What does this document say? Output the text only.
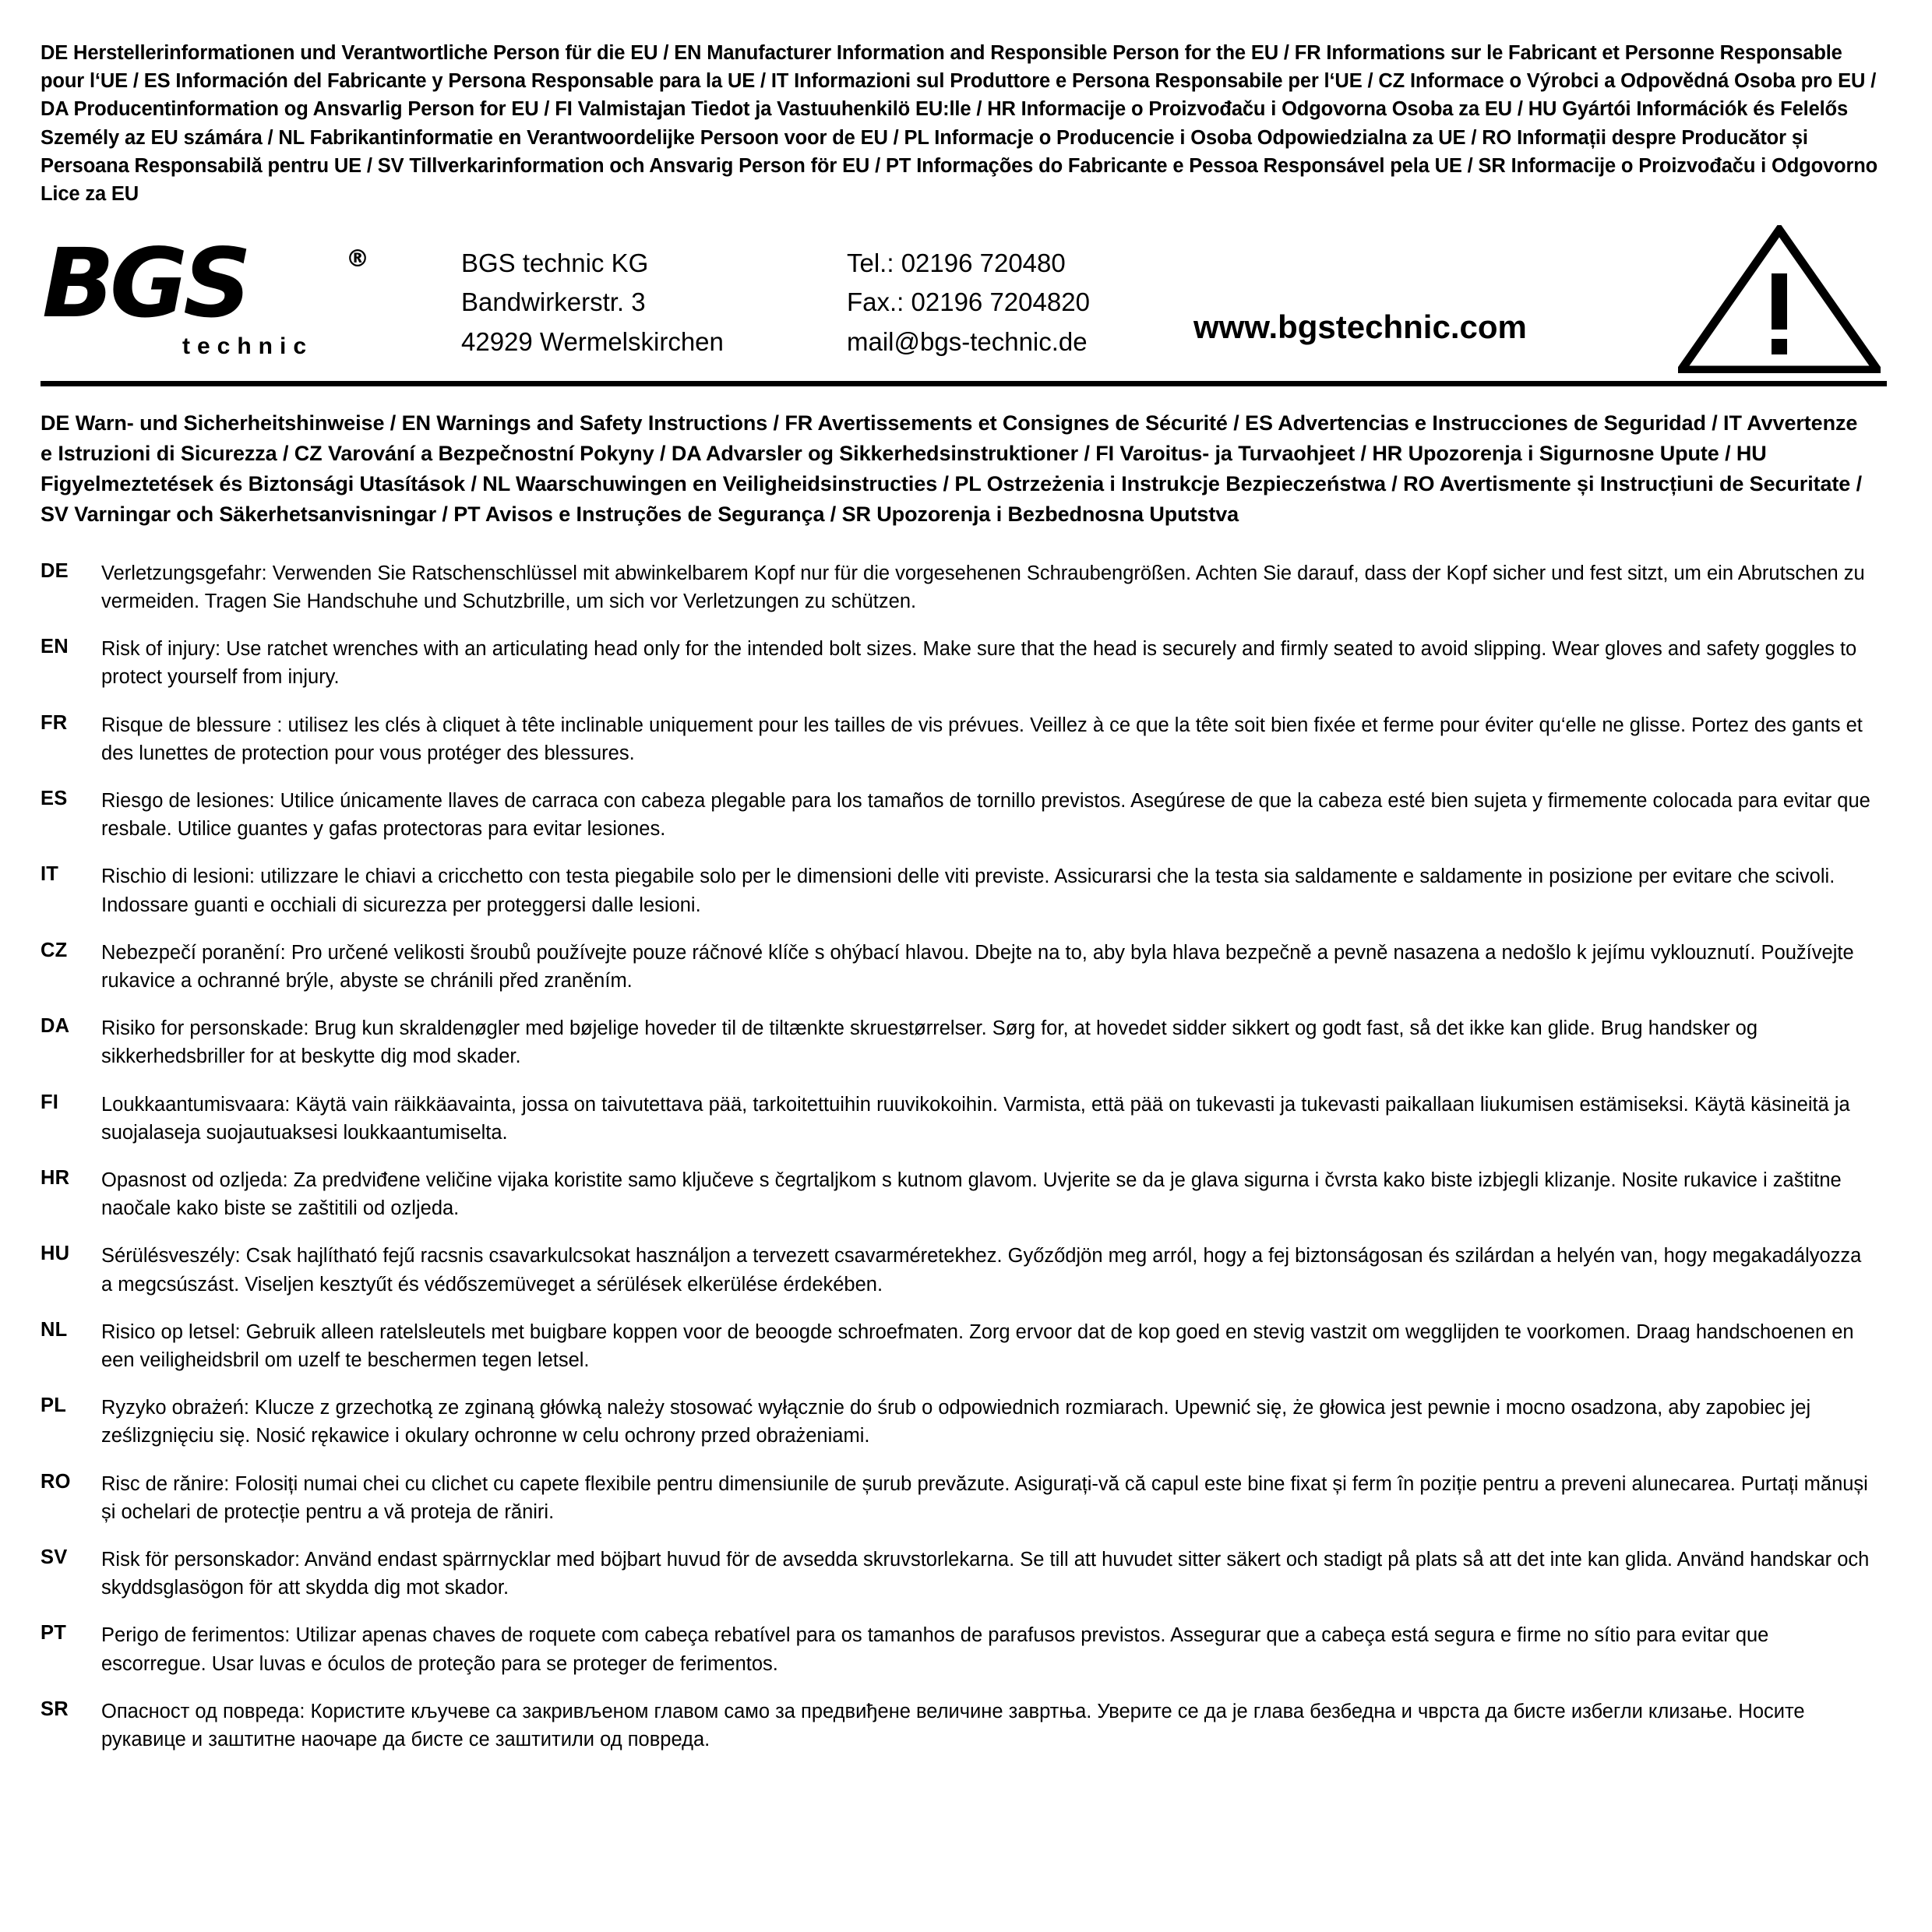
DE Herstellerinformationen und Verantwortliche Person für die EU / EN Manufacturer Information and Responsible Person for the EU / FR Informations sur le Fabricant et Personne Responsable pour l‘UE / ES Información del Fabricante y Persona Responsable para la UE / IT Informazioni sul Produttore e Persona Responsabile per l‘UE / CZ Informace o Výrobci a Odpovědná Osoba pro EU / DA Producentinformation og Ansvarlig Person for EU / FI Valmistajan Tiedot ja Vastuuhenkilö EU:lle / HR Informacije o Proizvođaču i Odgovorna Osoba za EU / HU Gyártói Információk és Felelős Személy az EU számára / NL Fabrikantinformatie en Verantwoordelijke Persoon voor de EU / PL Informacje o Producencie i Osoba Odpowiedzialna za UE / RO Informații despre Producător și Persoana Responsabilă pentru UE / SV Tillverkarinformation och Ansvarig Person för EU / PT Informações do Fabricante e Pessoa Responsável pela UE / SR Informacije o Proizvođaču i Odgovorno Lice za EU
BGS	®
technic
BGS technic KG
Bandwirkerstr. 3
42929 Wermelskirchen
Tel.: 02196 720480
Fax.: 02196 7204820
mail@bgs-technic.de	www.bgstechnic.com
DE Warn- und Sicherheitshinweise / EN Warnings and Safety Instructions / FR Avertissements et Consignes de Sécurité / ES Advertencias e Instrucciones de Seguridad / IT Avvertenze e Istruzioni di Sicurezza / CZ Varování a Bezpečnostní Pokyny / DA Advarsler og Sikkerhedsinstruktioner / FI Varoitus- ja Turvaohjeet / HR Upozorenja i Sigurnosne Upute / HU Figyelmeztetések és Biztonsági Utasítások / NL Waarschuwingen en Veiligheidsinstructies / PL Ostrzeżenia i Instrukcje Bezpieczeństwa / RO Avertismente și Instrucțiuni de Securitate / SV Varningar och Säkerhetsanvisningar / PT Avisos e Instruções de Segurança / SR Upozorenja i Bezbednosna Uputstva
DE	Verletzungsgefahr: Verwenden Sie Ratschenschlüssel mit abwinkelbarem Kopf nur für die vorgesehenen Schraubengrößen. Achten Sie darauf, dass der Kopf sicher und fest sitzt, um ein Abrutschen zu vermeiden. Tragen Sie Handschuhe und Schutzbrille, um sich vor Verletzungen zu schützen.
EN	Risk of injury: Use ratchet wrenches with an articulating head only for the intended bolt sizes. Make sure that the head is securely and firmly seated to avoid slipping. Wear gloves and safety goggles to protect yourself from injury.
FR	Risque de blessure : utilisez les clés à cliquet à tête inclinable uniquement pour les tailles de vis prévues. Veillez à ce que la tête soit bien fixée et ferme pour éviter qu‘elle ne glisse. Portez des gants et des lunettes de protection pour vous protéger des blessures.
ES	Riesgo de lesiones: Utilice únicamente llaves de carraca con cabeza plegable para los tamaños de tornillo previstos. Asegúrese de que la cabeza esté bien sujeta y firmemente colocada para evitar que resbale. Utilice guantes y gafas protectoras para evitar lesiones.
IT	Rischio di lesioni: utilizzare le chiavi a cricchetto con testa piegabile solo per le dimensioni delle viti previste. Assicurarsi che la testa sia saldamente e saldamente in posizione per evitare che scivoli. Indossare guanti e occhiali di sicurezza per proteggersi dalle lesioni.
CZ	Nebezpečí poranění: Pro určené velikosti šroubů používejte pouze ráčnové klíče s ohýbací hlavou. Dbejte na to, aby byla hlava bezpečně a pevně nasazena a nedošlo k jejímu vyklouznutí. Používejte rukavice a ochranné brýle, abyste se chránili před zraněním.
DA	Risiko for personskade: Brug kun skraldenøgler med bøjelige hoveder til de tiltænkte skruestørrelser. Sørg for, at hovedet sidder sikkert og godt fast, så det ikke kan glide. Brug handsker og sikkerhedsbriller for at beskytte dig mod skader.
FI	Loukkaantumisvaara: Käytä vain räikkäavainta, jossa on taivutettava pää, tarkoitettuihin ruuvikokoihin. Varmista, että pää on tukevasti ja tukevasti paikallaan liukumisen estämiseksi. Käytä käsineitä ja suojalaseja suojautuaksesi loukkaantumiselta.
HR	Opasnost od ozljeda: Za predviđene veličine vijaka koristite samo ključeve s čegrtaljkom s kutnom glavom. Uvjerite se da je glava sigurna i čvrsta kako biste izbjegli klizanje. Nosite rukavice i zaštitne naočale kako biste se zaštitili od ozljeda.
HU	Sérülésveszély: Csak hajlítható fejű racsnis csavarkulcsokat használjon a tervezett csavarméretekhez. Győződjön meg arról, hogy a fej biztonságosan és szilárdan a helyén van, hogy megakadályozza a megcsúszást. Viseljen kesztyűt és védőszemüveget a sérülések elkerülése érdekében.
NL	Risico op letsel: Gebruik alleen ratelsleutels met buigbare koppen voor de beoogde schroefmaten. Zorg ervoor dat de kop goed en stevig vastzit om wegglijden te voorkomen. Draag handschoenen en een veiligheidsbril om uzelf te beschermen tegen letsel.
PL	Ryzyko obrażeń: Klucze z grzechotką ze zginaną główką należy stosować wyłącznie do śrub o odpowiednich rozmiarach. Upewnić się, że głowica jest pewnie i mocno osadzona, aby zapobiec jej ześlizgnięciu się. Nosić rękawice i okulary ochronne w celu ochrony przed obrażeniami.
RO	Risc de rănire: Folosiți numai chei cu clichet cu capete flexibile pentru dimensiunile de șurub prevăzute. Asigurați-vă că capul este bine fixat și ferm în poziție pentru a preveni alunecarea. Purtați mănuși și ochelari de protecție pentru a vă proteja de răniri.
SV	Risk för personskador: Använd endast spärrnycklar med böjbart huvud för de avsedda skruvstorlekarna. Se till att huvudet sitter säkert och stadigt på plats så att det inte kan glida. Använd handskar och skyddsglasögon för att skydda dig mot skador.
PT	Perigo de ferimentos: Utilizar apenas chaves de roquete com cabeça rebatível para os tamanhos de parafusos previstos. Assegurar que a cabeça está segura e firme no sítio para evitar que escorregue. Usar luvas e óculos de proteção para se proteger de ferimentos.
SR	Опасност од повреда: Користите кључеве са закривљеном главом само за предвиђене величине завртња. Уверите се да је глава безбедна и чврста да бисте избегли клизање. Носите рукавице и заштитне наочаре да бисте се заштитили од повреда.
